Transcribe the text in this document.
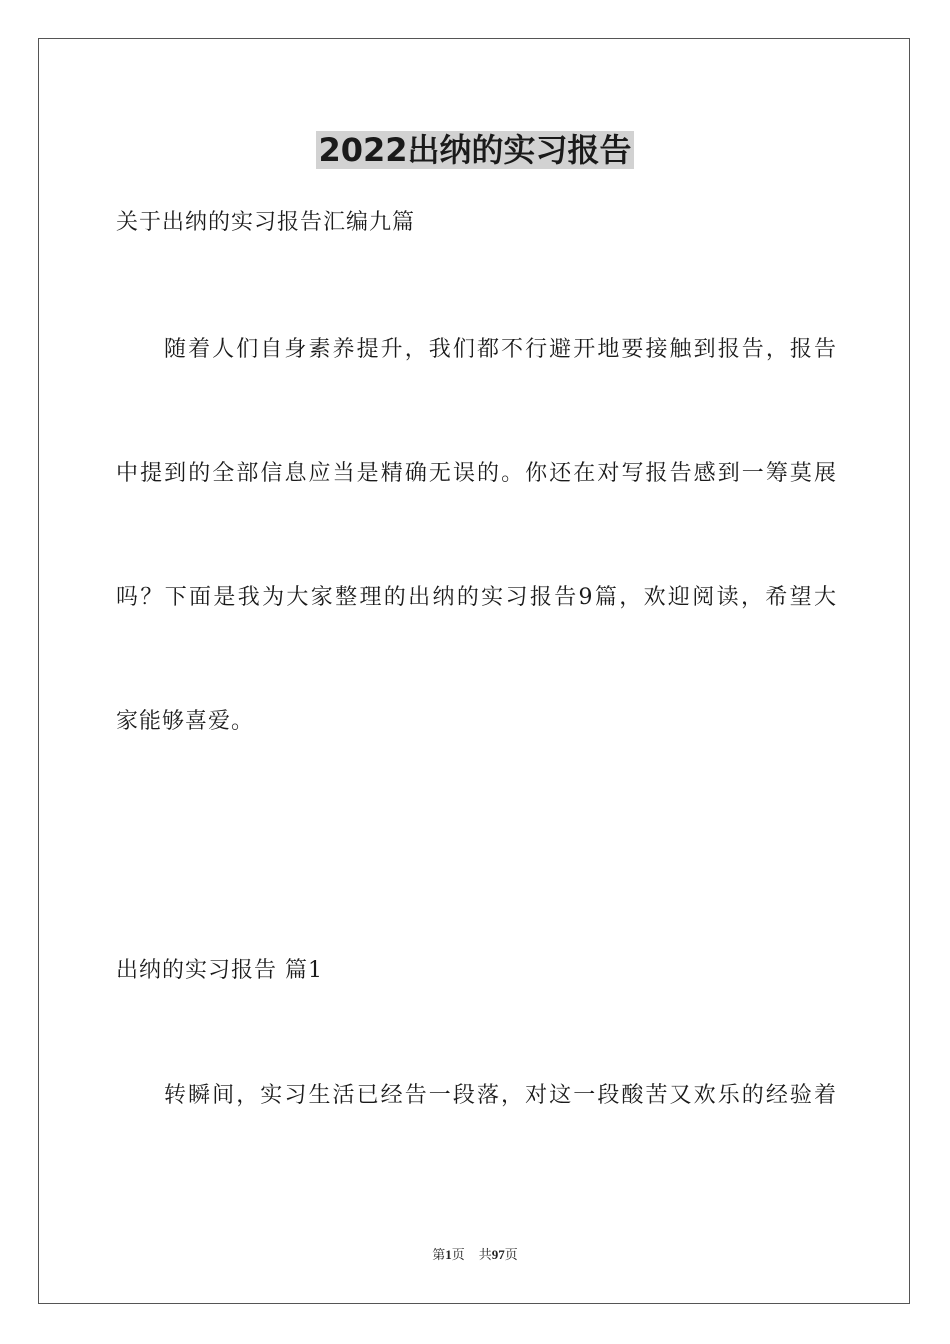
2022出纳的实习报告
关于出纳的实习报告汇编九篇
随着人们自身素养提升，我们都不行避开地要接触到报告，报告
中提到的全部信息应当是精确无误的。你还在对写报告感到一筹莫展
吗？下面是我为大家整理的出纳的实习报告9篇，欢迎阅读，希望大
家能够喜爱。
出纳的实习报告 篇1
转瞬间，实习生活已经告一段落，对这一段酸苦又欢乐的经验着
第1页 共97页
